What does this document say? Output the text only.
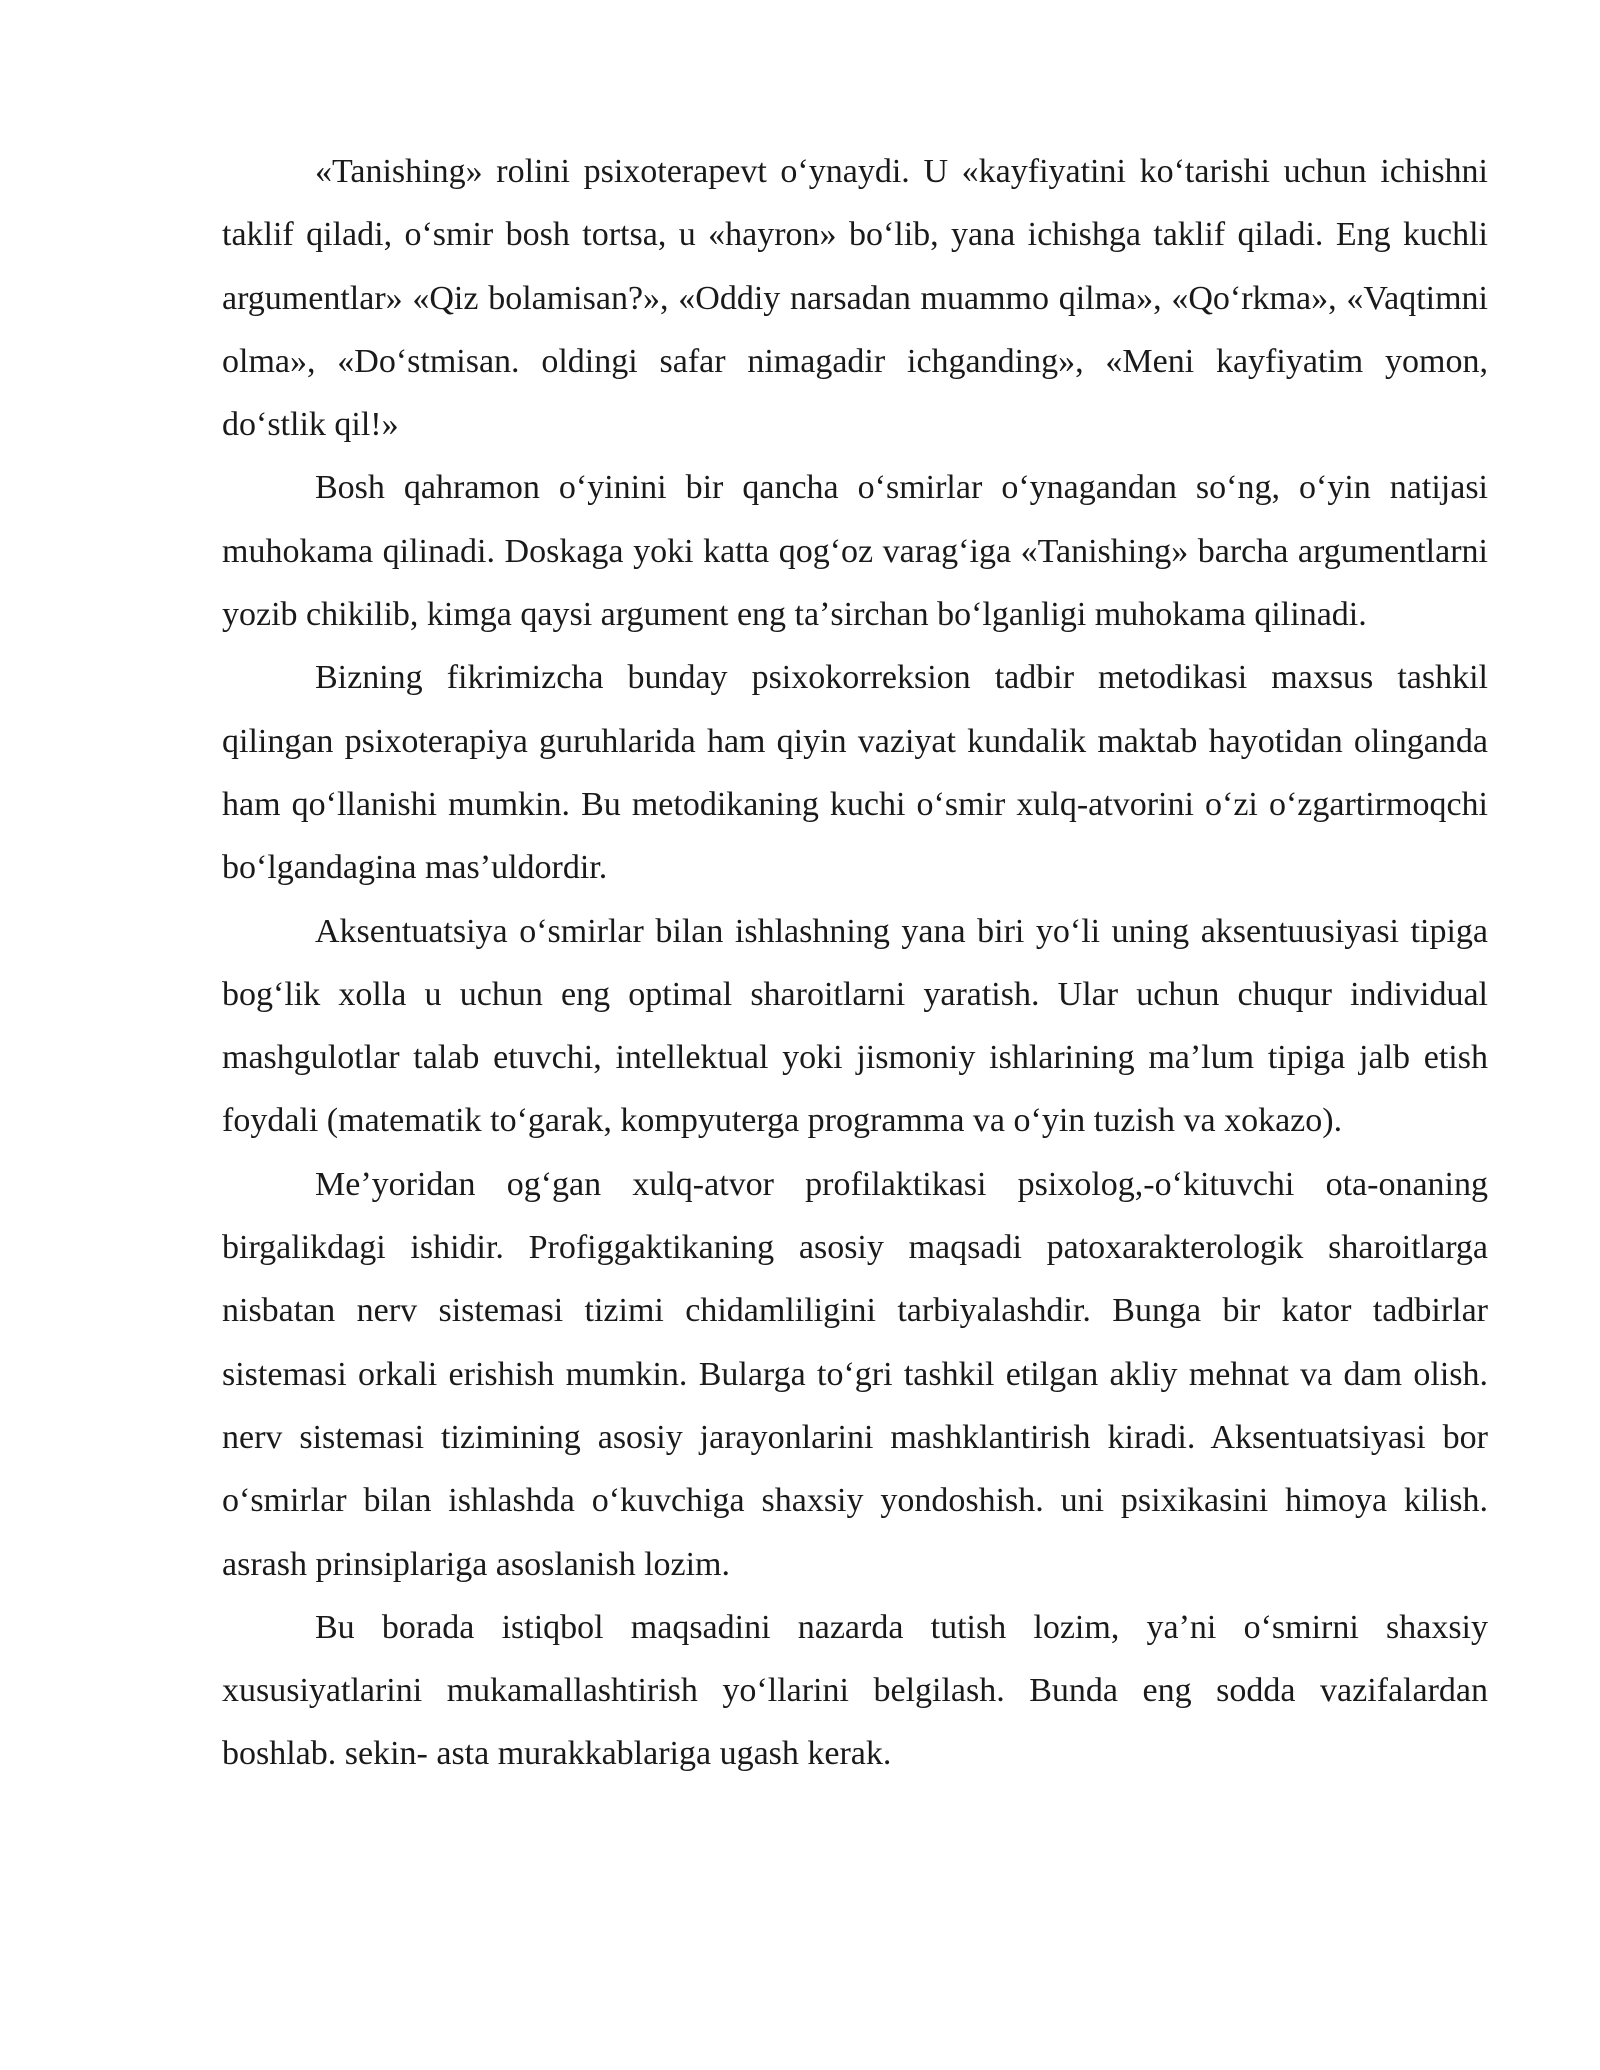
«Tanishing» rolini psixoterapevt oʻynaydi. U «kayfiyatini koʻtarishi uchun ichishni taklif qiladi, oʻsmir bosh tortsa, u «hayron» boʻlib, yana ichishga taklif qiladi. Eng kuchli argumentlar» «Qiz bolamisan?», «Oddiy narsadan muammo qilma», «Qoʻrkma», «Vaqtimni olma», «Doʻstmisan. oldingi safar nimagadir ichganding», «Meni kayfiyatim yomon, doʻstlik qil!»

Bosh qahramon oʻyinini bir qancha oʻsmirlar oʻynagandan soʻng, oʻyin natijasi muhokama qilinadi. Doskaga yoki katta qogʻoz varagʻiga «Tanishing» barcha argumentlarni yozib chikilib, kimga qaysi argument eng taʼsirchan boʻlganligi muhokama qilinadi.

Bizning fikrimizcha bunday psixokorreksion tadbir metodikasi maxsus tashkil qilingan psixoterapiya guruhlarida ham qiyin vaziyat kundalik maktab hayotidan olinganda ham qoʻllanishi mumkin. Bu metodikaning kuchi oʻsmir xulq-atvorini oʻzi oʻzgartirmoqchi boʻlgandagina masʼuldordir.

Aksentuatsiya oʻsmirlar bilan ishlashning yana biri yoʻli uning aksentuusiyasi tipiga bogʻlik xolla u uchun eng optimal sharoitlarni yaratish. Ular uchun chuqur individual mashgulotlar talab etuvchi, intellektual yoki jismoniy ishlarining maʼlum tipiga jalb etish foydali (matematik toʻgarak, kompyuterga programma va oʻyin tuzish va xokazo).

Meʼyoridan ogʻgan xulq-atvor profilaktikasi psixolog,-oʻkituvchi ota-onaning birgalikdagi ishidir. Profiggaktikaning asosiy maqsadi patoxarakterologik sharoitlarga nisbatan nerv sistemasi tizimi chidamliligini tarbiyalashdir. Bunga bir kator tadbirlar sistemasi orkali erishish mumkin. Bularga toʻgri tashkil etilgan akliy mehnat va dam olish. nerv sistemasi tizimining asosiy jarayonlarini mashklantirish kiradi. Aksentuatsiyasi bor oʻsmirlar bilan ishlashda oʻkuvchiga shaxsiy yondoshish. uni psixikasini himoya kilish. asrash prinsiplariga asoslanish lozim.

Bu borada istiqbol maqsadini nazarda tutish lozim, yaʼni oʻsmirni shaxsiy xususiyatlarini mukamallashtirish yoʻllarini belgilash. Bunda eng sodda vazifalardan boshlab. sekin- asta murakkablariga ugash kerak.
